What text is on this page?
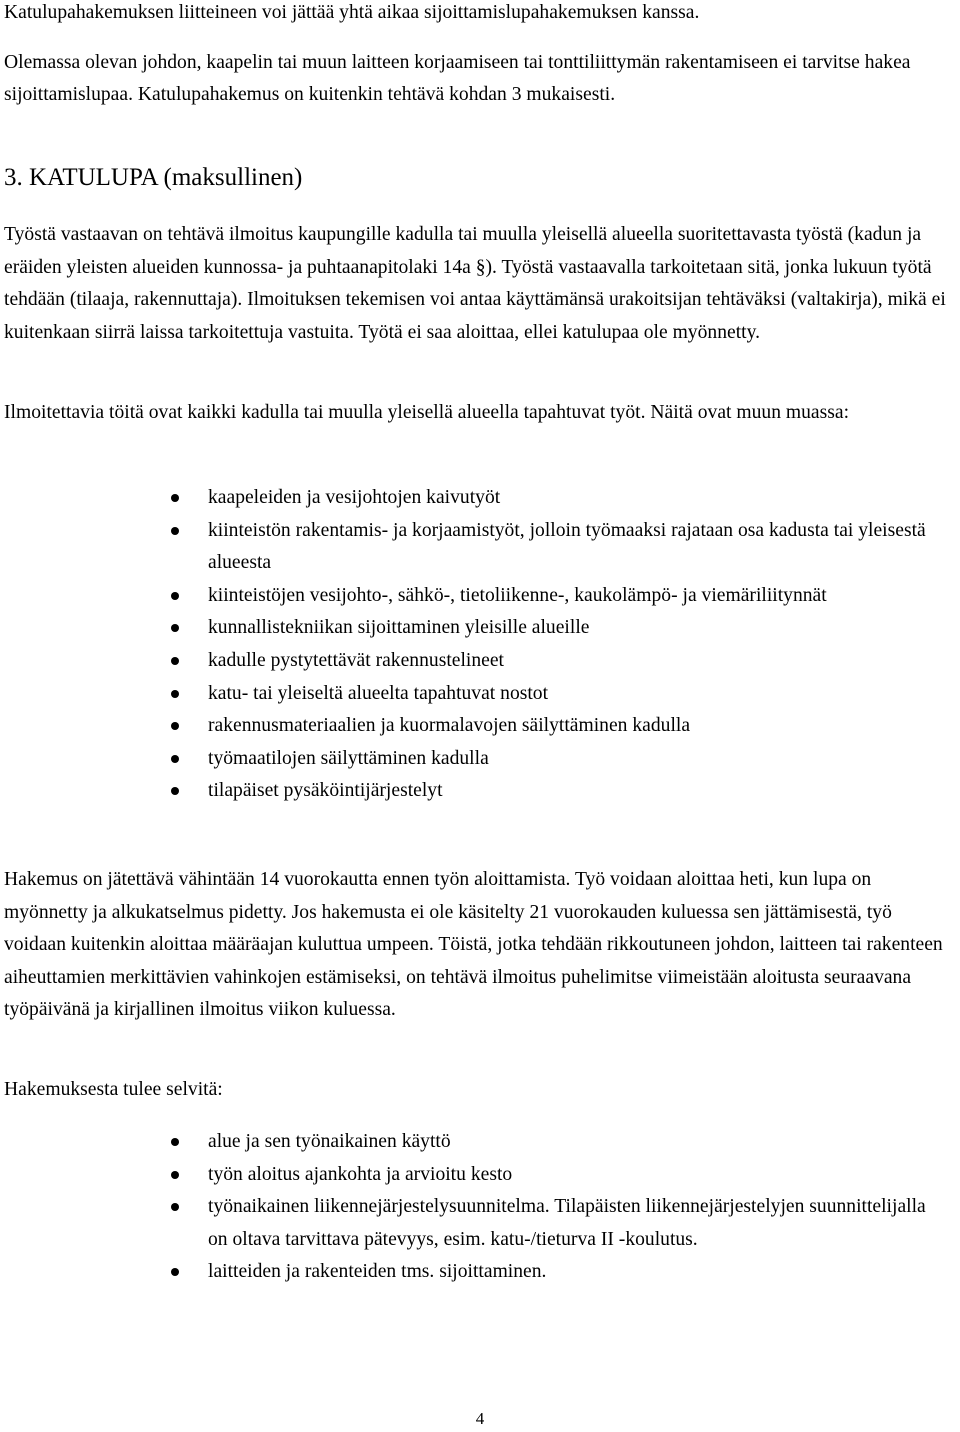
Katulupahakemuksen liitteineen voi jättää yhtä aikaa sijoittamislupahakemuksen kanssa.

Olemassa olevan johdon, kaapelin tai muun laitteen korjaamiseen tai tonttiliittymän rakentamiseen ei tarvitse hakea sijoittamislupaa. Katulupahakemus on kuitenkin tehtävä kohdan 3 mukaisesti.

3. KATULUPA (maksullinen)

Työstä vastaavan on tehtävä ilmoitus kaupungille kadulla tai muulla yleisellä alueella suoritettavasta työstä (kadun ja eräiden yleisten alueiden kunnossa- ja puhtaanapitolaki 14a §). Työstä vastaavalla tarkoitetaan sitä, jonka lukuun työtä tehdään (tilaaja, rakennuttaja). Ilmoituksen tekemisen voi antaa käyttämänsä urakoitsijan tehtäväksi (valtakirja), mikä ei kuitenkaan siirrä laissa tarkoitettuja vastuita. Työtä ei saa aloittaa, ellei katulupaa ole myönnetty.

Ilmoitettavia töitä ovat kaikki kadulla tai muulla yleisellä alueella tapahtuvat työt. Näitä ovat muun muassa:

kaapeleiden ja vesijohtojen kaivutyöt
kiinteistön rakentamis- ja korjaamistyöt, jolloin työmaaksi rajataan osa kadusta tai yleisestä alueesta
kiinteistöjen vesijohto-, sähkö-, tietoliikenne-, kaukolämpö- ja viemäriliitynnät
kunnallistekniikan sijoittaminen yleisille alueille
kadulle pystytettävät rakennustelineet
katu- tai yleiseltä alueelta tapahtuvat nostot
rakennusmateriaalien ja kuormalavojen säilyttäminen kadulla
työmaatilojen säilyttäminen kadulla
tilapäiset pysäköintijärjestelyt

Hakemus on jätettävä vähintään 14 vuorokautta ennen työn aloittamista. Työ voidaan aloittaa heti, kun lupa on myönnetty ja alkukatselmus pidetty. Jos hakemusta ei ole käsitelty 21 vuorokauden kuluessa sen jättämisestä, työ voidaan kuitenkin aloittaa määräajan kuluttua umpeen. Töistä, jotka tehdään rikkoutuneen johdon, laitteen tai rakenteen aiheuttamien merkittävien vahinkojen estämiseksi, on tehtävä ilmoitus puhelimitse viimeistään aloitusta seuraavana työpäivänä ja kirjallinen ilmoitus viikon kuluessa.

Hakemuksesta tulee selvitä:

alue ja sen työnaikainen käyttö
työn aloitus ajankohta ja arvioitu kesto
työnaikainen liikennejärjestelysuunnitelma. Tilapäisten liikennejärjestelyjen suunnittelijalla on oltava tarvittava pätevyys, esim. katu-/tieturva II -koulutus.
laitteiden ja rakenteiden tms. sijoittaminen.
4
